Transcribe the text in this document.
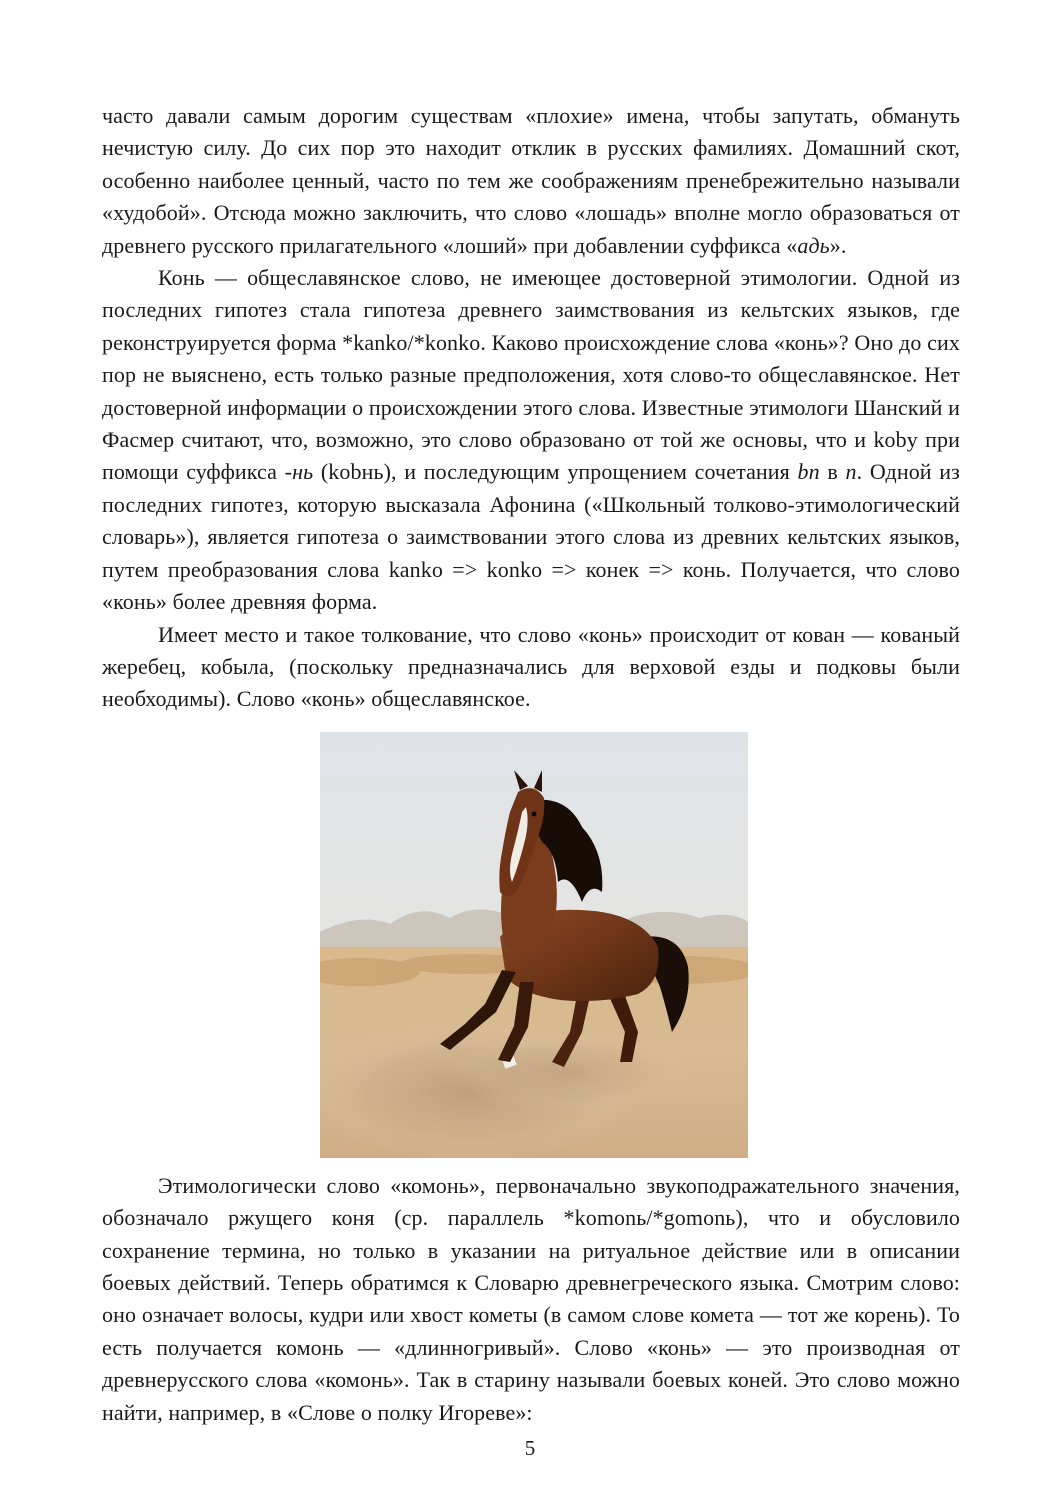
часто давали самым дорогим существам «плохие» имена, чтобы запутать, обмануть нечистую силу. До сих пор это находит отклик в русских фамилиях. Домашний скот, особенно наиболее ценный, часто по тем же соображениям пренебрежительно называли «худобой». Отсюда можно заключить, что слово «лошадь» вполне могло образоваться от древнего русского прилагательного «лоший» при добавлении суффикса «адь».

Конь — общеславянское слово, не имеющее достоверной этимологии. Одной из последних гипотез стала гипотеза древнего заимствования из кельтских языков, где реконструируется форма *kanko/*konko. Каково происхождение слова «конь»? Оно до сих пор не выяснено, есть только разные предположения, хотя слово-то общеславянское. Нет достоверной информации о происхождении этого слова. Известные этимологи Шанский и Фасмер считают, что, возможно, это слово образовано от той же основы, что и koby при помощи суффикса -нь (kobнь), и последующим упрощением сочетания bn в n. Одной из последних гипотез, которую высказала Афонина («Школьный толково-этимологический словарь»), является гипотеза о заимствовании этого слова из древних кельтских языков, путем преобразования слова kanko => konko => конек => конь. Получается, что слово «конь» более древняя форма.

Имеет место и такое толкование, что слово «конь» происходит от кован — кованый жеребец, кобыла, (поскольку предназначались для верховой езды и подковы были необходимы). Слово «конь» общеславянское.

Этимологически слово «комонь», первоначально звукоподражательного значения, обозначало ржущего коня (ср. параллель *komonь/*gomonь), что и обусловило сохранение термина, но только в указании на ритуальное действие или в описании боевых действий. Теперь обратимся к Словарю древнегреческого языка. Смотрим слово: оно означает волосы, кудри или хвост кометы (в самом слове комета — тот же корень). То есть получается комонь — «длинногривый». Слово «конь» — это производная от древнерусского слова «комонь». Так в старину называли боевых коней. Это слово можно найти, например, в «Слове о полку Игореве»:

5
